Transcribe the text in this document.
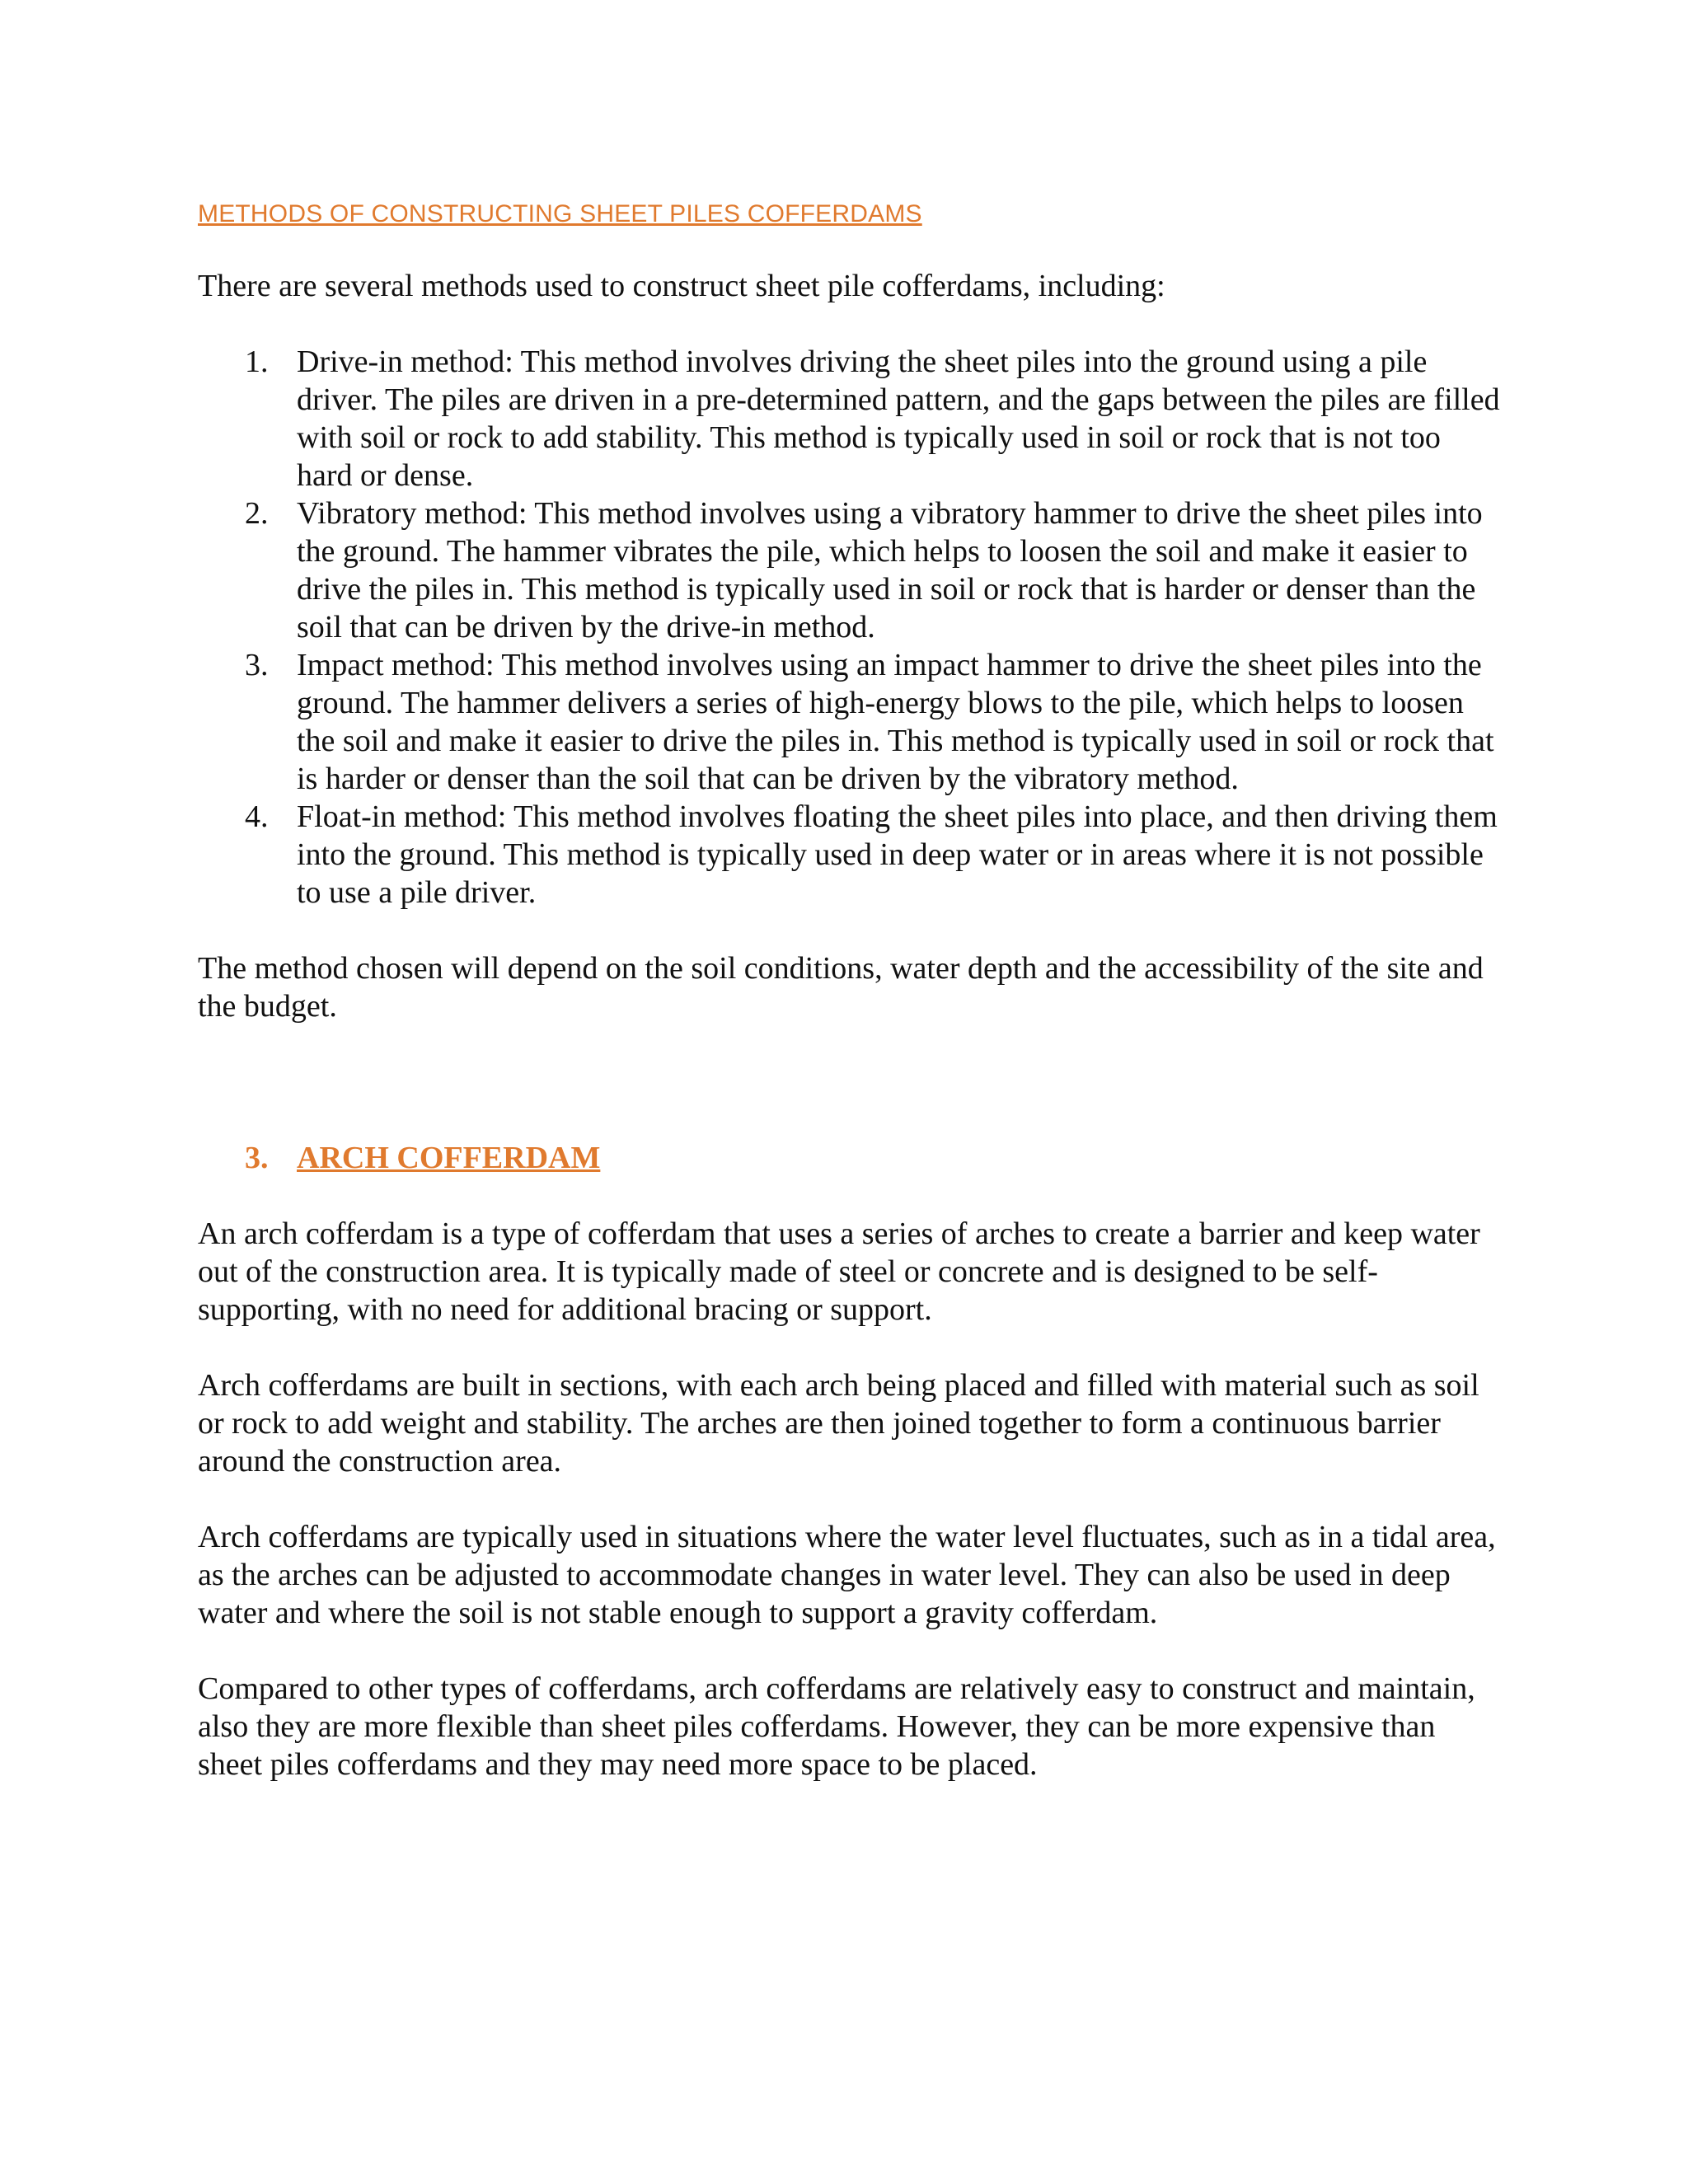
METHODS OF CONSTRUCTING SHEET PILES COFFERDAMS

There are several methods used to construct sheet pile cofferdams, including:

1. Drive-in method: This method involves driving the sheet piles into the ground using a pile driver. The piles are driven in a pre-determined pattern, and the gaps between the piles are filled with soil or rock to add stability. This method is typically used in soil or rock that is not too hard or dense.
2. Vibratory method: This method involves using a vibratory hammer to drive the sheet piles into the ground. The hammer vibrates the pile, which helps to loosen the soil and make it easier to drive the piles in. This method is typically used in soil or rock that is harder or denser than the soil that can be driven by the drive-in method.
3. Impact method: This method involves using an impact hammer to drive the sheet piles into the ground. The hammer delivers a series of high-energy blows to the pile, which helps to loosen the soil and make it easier to drive the piles in. This method is typically used in soil or rock that is harder or denser than the soil that can be driven by the vibratory method.
4. Float-in method: This method involves floating the sheet piles into place, and then driving them into the ground. This method is typically used in deep water or in areas where it is not possible to use a pile driver.

The method chosen will depend on the soil conditions, water depth and the accessibility of the site and the budget.

3. ARCH COFFERDAM

An arch cofferdam is a type of cofferdam that uses a series of arches to create a barrier and keep water out of the construction area. It is typically made of steel or concrete and is designed to be self-supporting, with no need for additional bracing or support.

Arch cofferdams are built in sections, with each arch being placed and filled with material such as soil or rock to add weight and stability. The arches are then joined together to form a continuous barrier around the construction area.

Arch cofferdams are typically used in situations where the water level fluctuates, such as in a tidal area, as the arches can be adjusted to accommodate changes in water level. They can also be used in deep water and where the soil is not stable enough to support a gravity cofferdam.

Compared to other types of cofferdams, arch cofferdams are relatively easy to construct and maintain, also they are more flexible than sheet piles cofferdams. However, they can be more expensive than sheet piles cofferdams and they may need more space to be placed.
